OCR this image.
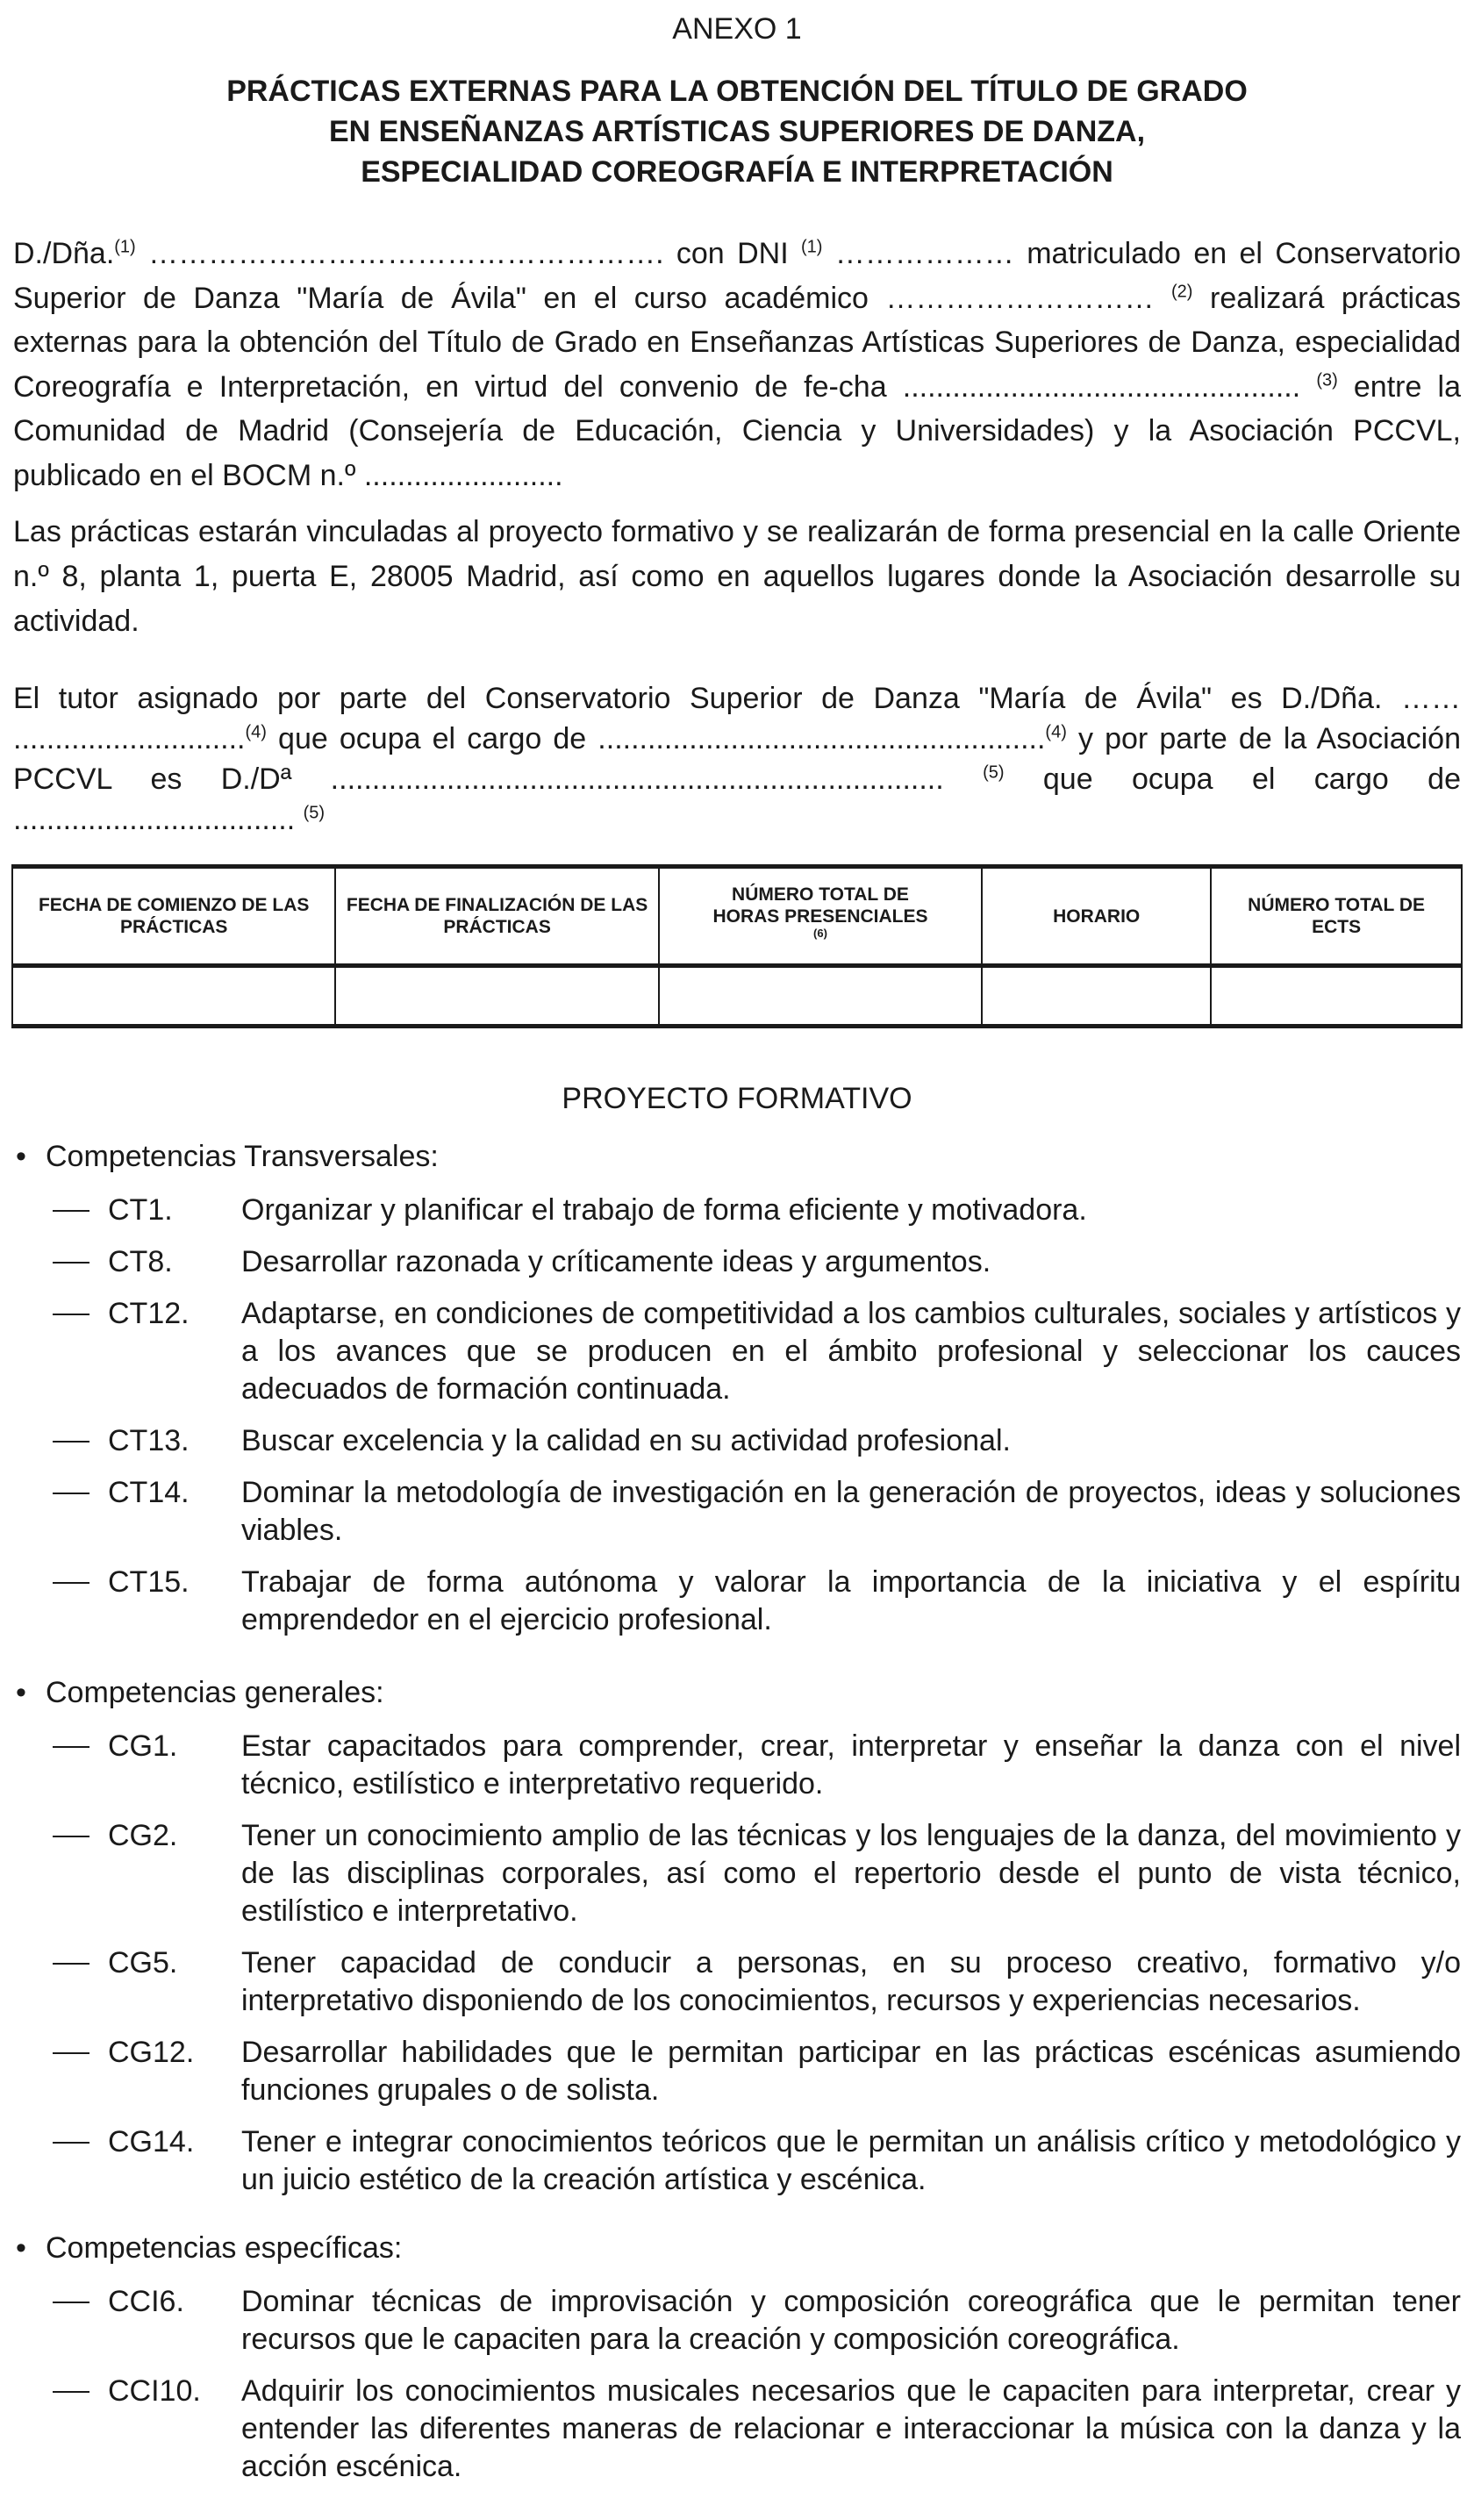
ANEXO 1
PRÁCTICAS EXTERNAS PARA LA OBTENCIÓN DEL TÍTULO DE GRADO
EN ENSEÑANZAS ARTÍSTICAS SUPERIORES DE DANZA,
ESPECIALIDAD COREOGRAFÍA E INTERPRETACIÓN
D./Dña.$^{(1)}$ ……………………………………………. con DNI $^{(1)}$ ……………… matriculado en el Conservatorio Superior de Danza "María de Ávila" en el curso académico ……………………… $^{(2)}$ realizará prácticas externas para la obtención del Título de Grado en Enseñanzas Artísticas Superiores de Danza, especialidad Coreografía e Interpretación, en virtud del convenio de fe-cha ................................................ $^{(3)}$ entre la Comunidad de Madrid (Consejería de Educación, Ciencia y Universidades) y la Asociación PCCVL, publicado en el BOCM n.º ........................
Las prácticas estarán vinculadas al proyecto formativo y se realizarán de forma presencial en la calle Oriente n.º 8, planta 1, puerta E, 28005 Madrid, así como en aquellos lugares donde la Asociación desarrolle su actividad.
El tutor asignado por parte del Conservatorio Superior de Danza "María de Ávila" es D./Dña. …… ............................$^{(4)}$ que ocupa el cargo de ......................................................$^{(4)}$ y por parte de la Asociación PCCVL es D./Dª .......................................................................... $^{(5)}$ que ocupa el cargo de .................................. $^{(5)}$
FECHA DE COMIENZO DE LAS PRÁCTICAS	FECHA DE FINALIZACIÓN DE LAS PRÁCTICAS	NÚMERO TOTAL DE HORAS PRESENCIALES $^{(6)}$	HORARIO	NÚMERO TOTAL DE ECTS

PROYECTO FORMATIVO
• Competencias Transversales:
CT1. Organizar y planificar el trabajo de forma eficiente y motivadora.
CT8. Desarrollar razonada y críticamente ideas y argumentos.
CT12. Adaptarse, en condiciones de competitividad a los cambios culturales, sociales y artísticos y a los avances que se producen en el ámbito profesional y seleccionar los cauces adecuados de formación continuada.
CT13. Buscar excelencia y la calidad en su actividad profesional.
CT14. Dominar la metodología de investigación en la generación de proyectos, ideas y soluciones viables.
CT15. Trabajar de forma autónoma y valorar la importancia de la iniciativa y el espíritu emprendedor en el ejercicio profesional.
• Competencias generales:
CG1. Estar capacitados para comprender, crear, interpretar y enseñar la danza con el nivel técnico, estilístico e interpretativo requerido.
CG2. Tener un conocimiento amplio de las técnicas y los lenguajes de la danza, del movimiento y de las disciplinas corporales, así como el repertorio desde el punto de vista técnico, estilístico e interpretativo.
CG5. Tener capacidad de conducir a personas, en su proceso creativo, formativo y/o interpretativo disponiendo de los conocimientos, recursos y experiencias necesarios.
CG12. Desarrollar habilidades que le permitan participar en las prácticas escénicas asumiendo funciones grupales o de solista.
CG14. Tener e integrar conocimientos teóricos que le permitan un análisis crítico y metodológico y un juicio estético de la creación artística y escénica.
• Competencias específicas:
CCI6. Dominar técnicas de improvisación y composición coreográfica que le permitan tener recursos que le capaciten para la creación y composición coreográfica.
CCI10. Adquirir los conocimientos musicales necesarios que le capaciten para interpretar, crear y entender las diferentes maneras de relacionar e interaccionar la música con la danza y la acción escénica.
